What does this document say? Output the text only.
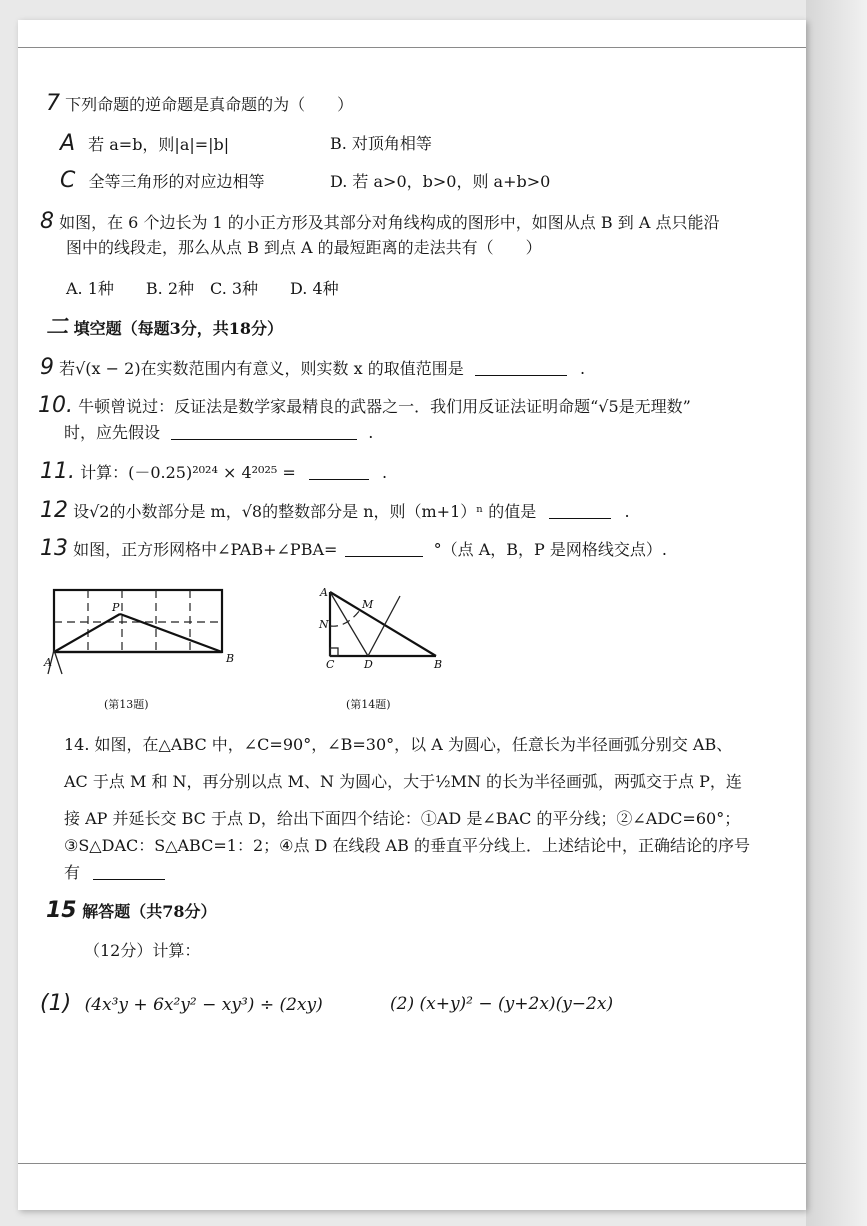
7 下列命题的逆命题是真命题的为（　　）
A 若 a=b，则|a|=|b|	B. 对顶角相等
C 全等三角形的对应边相等	D. 若 a>0，b>0，则 a+b>0
8 如图，在 6 个边长为 1 的小正方形及其部分对角线构成的图形中，如图从点 B 到 A 点只能沿
图中的线段走，那么从点 B 到点 A 的最短距离的走法共有（　　）
A. 1种　　B. 2种　C. 3种　　D. 4种
二 填空题（每题3分，共18分）
9 若√(x − 2)在实数范围内有意义，则实数 x 的取值范围是	.
10. 牛顿曾说过：反证法是数学家最精良的武器之一．我们用反证法证明命题“√5是无理数”
时，应先假设	.
11. 计算：(－0.25)²⁰²⁴ × 4²⁰²⁵ =	.
12 设√2的小数部分是 m，√8的整数部分是 n，则（m+1）ⁿ 的值是	.
13 如图，正方形网格中∠PAB+∠PBA=	°（点 A，B，P 是网格线交点）.
P
A	B
(第13题)
A
M
N
C	D	B
(第14题)
14. 如图，在△ABC 中，∠C=90°，∠B=30°，以 A 为圆心，任意长为半径画弧分别交 AB、
AC 于点 M 和 N，再分别以点 M、N 为圆心，大于½MN 的长为半径画弧，两弧交于点 P，连
接 AP 并延长交 BC 于点 D，给出下面四个结论：①AD 是∠BAC 的平分线；②∠ADC=60°；
③S△DAC：S△ABC=1：2；④点 D 在线段 AB 的垂直平分线上．上述结论中，正确结论的序号
有
15 解答题（共78分）
（12分）计算：
(1) (4x³y + 6x²y² − xy³) ÷ (2xy)	(2) (x+y)² − (y+2x)(y−2x)
